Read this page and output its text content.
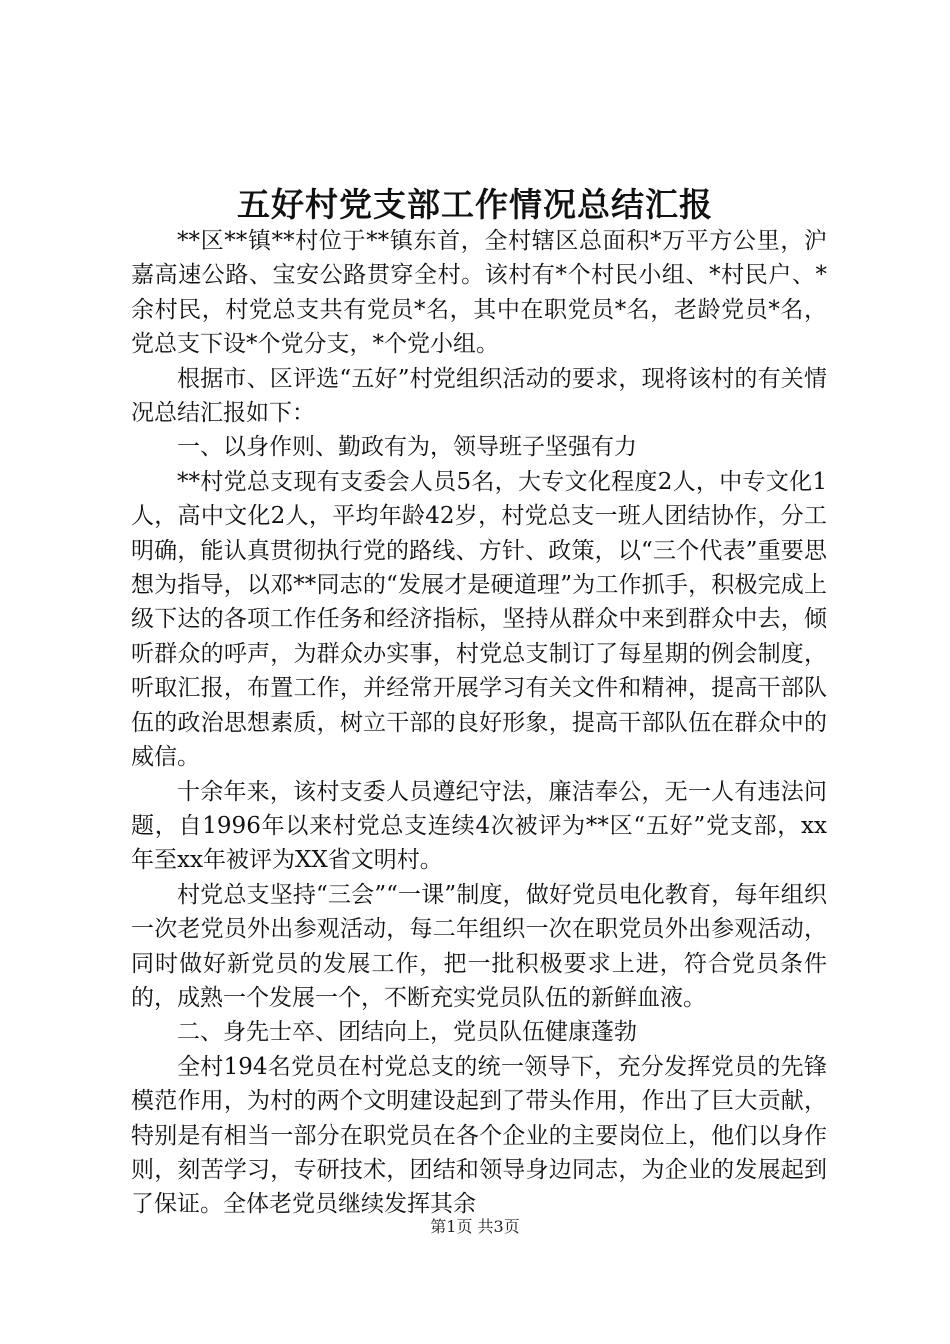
五好村党支部工作情况总结汇报

**区**镇**村位于**镇东首，全村辖区总面积*万平方公里，沪嘉高速公路、宝安公路贯穿全村。该村有*个村民小组、*村民户、*余村民，村党总支共有党员*名，其中在职党员*名，老龄党员*名，党总支下设*个党分支，*个党小组。

根据市、区评选“五好”村党组织活动的要求，现将该村的有关情况总结汇报如下：

一、以身作则、勤政有为，领导班子坚强有力

**村党总支现有支委会人员5名，大专文化程度2人，中专文化1人，高中文化2人，平均年龄42岁，村党总支一班人团结协作，分工明确，能认真贯彻执行党的路线、方针、政策，以“三个代表”重要思想为指导，以邓**同志的“发展才是硬道理”为工作抓手，积极完成上级下达的各项工作任务和经济指标，坚持从群众中来到群众中去，倾听群众的呼声，为群众办实事，村党总支制订了每星期的例会制度，听取汇报，布置工作，并经常开展学习有关文件和精神，提高干部队伍的政治思想素质，树立干部的良好形象，提高干部队伍在群众中的威信。

十余年来，该村支委人员遵纪守法，廉洁奉公，无一人有违法问题，自1996年以来村党总支连续4次被评为**区“五好”党支部，xx年至xx年被评为XX省文明村。

村党总支坚持“三会”“一课”制度，做好党员电化教育，每年组织一次老党员外出参观活动，每二年组织一次在职党员外出参观活动，同时做好新党员的发展工作，把一批积极要求上进，符合党员条件的，成熟一个发展一个，不断充实党员队伍的新鲜血液。

二、身先士卒、团结向上，党员队伍健康蓬勃

全村194名党员在村党总支的统一领导下，充分发挥党员的先锋模范作用，为村的两个文明建设起到了带头作用，作出了巨大贡献，特别是有相当一部分在职党员在各个企业的主要岗位上，他们以身作则，刻苦学习，专研技术，团结和领导身边同志，为企业的发展起到了保证。全体老党员继续发挥其余

第1页 共3页
